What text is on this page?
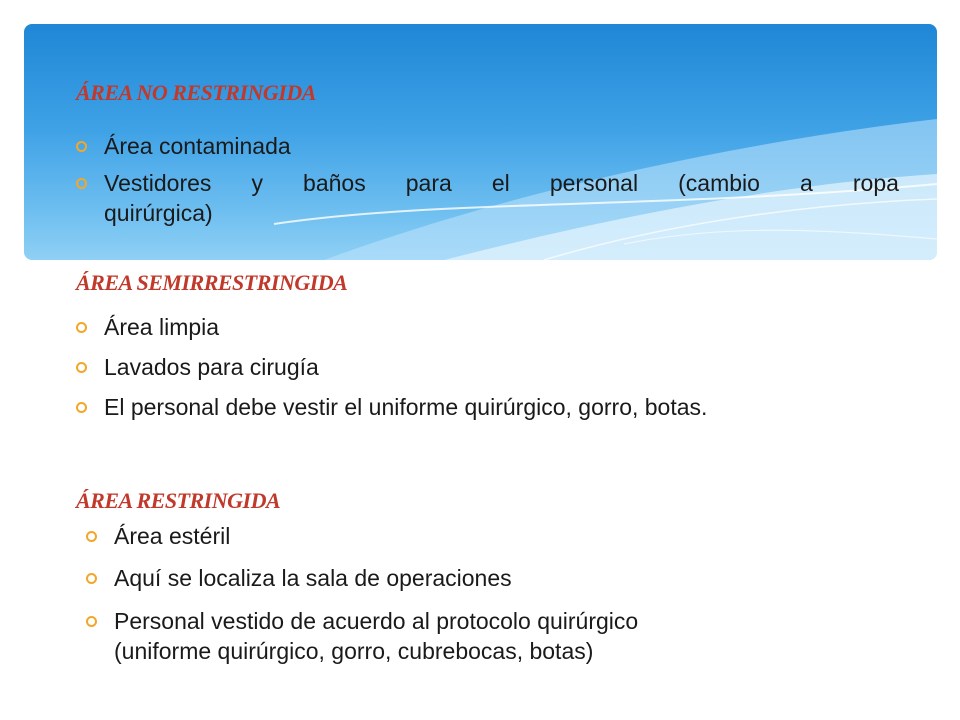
ÁREA NO RESTRINGIDA
Área contaminada
Vestidores y baños para el personal (cambio a ropa
quirúrgica)
ÁREA SEMIRRESTRINGIDA
Área limpia
Lavados para cirugía
El personal debe vestir el uniforme quirúrgico, gorro, botas.
ÁREA RESTRINGIDA
Área estéril
Aquí se localiza la sala de operaciones
Personal vestido de acuerdo al protocolo quirúrgico
(uniforme quirúrgico, gorro, cubrebocas, botas)
